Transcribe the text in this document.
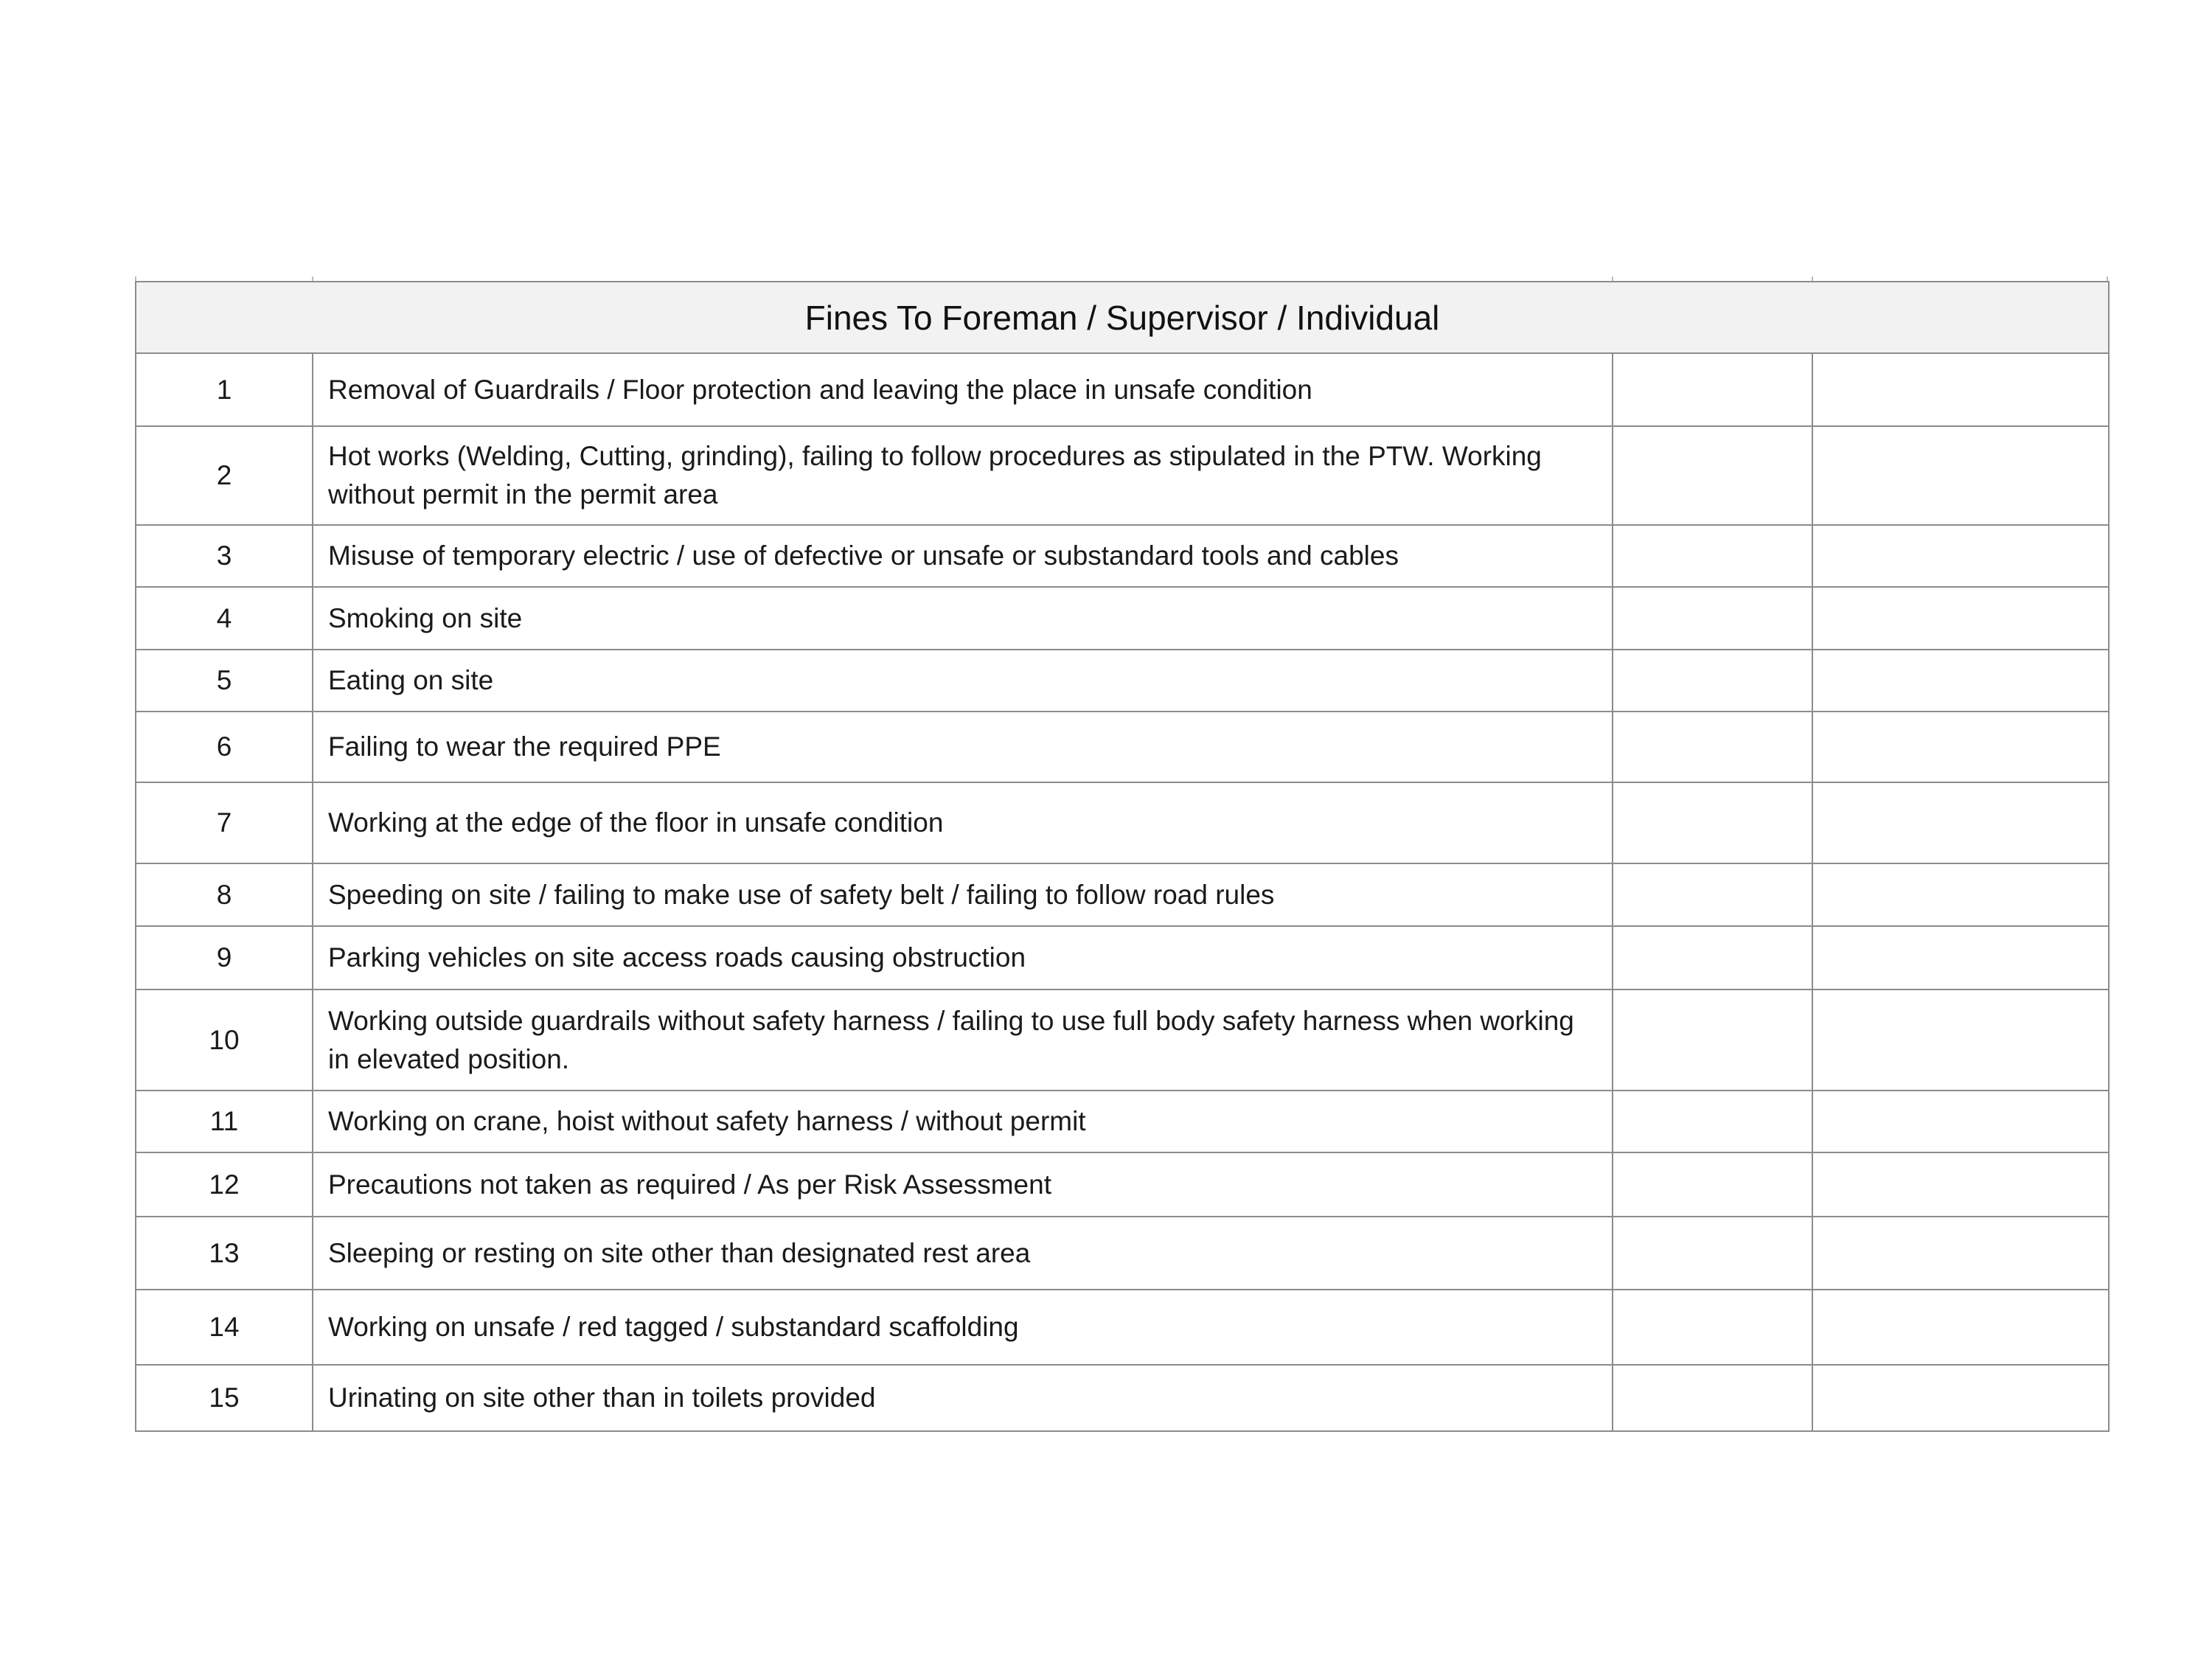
Fines To Foreman / Supervisor / Individual			
1	Removal of Guardrails / Floor protection and leaving the place in unsafe condition		
2	Hot works (Welding, Cutting, grinding), failing to follow procedures as stipulated in the PTW. Working without permit in the permit area		
3	Misuse of temporary electric / use of defective or unsafe or substandard tools and cables		
4	Smoking on site		
5	Eating on site		
6	Failing to wear the required PPE		
7	Working at the edge of the floor in unsafe condition		
8	Speeding on site / failing to make use of safety belt / failing to follow road rules		
9	Parking vehicles on site access roads causing obstruction		
10	Working outside guardrails without safety harness / failing to use full body safety harness when working in elevated position.		
11	Working on crane, hoist without safety harness / without permit		
12	Precautions not taken as required / As per Risk Assessment		
13	Sleeping or resting on site other than designated rest area		
14	Working on unsafe / red tagged / substandard scaffolding		
15	Urinating on site other than in toilets provided		
